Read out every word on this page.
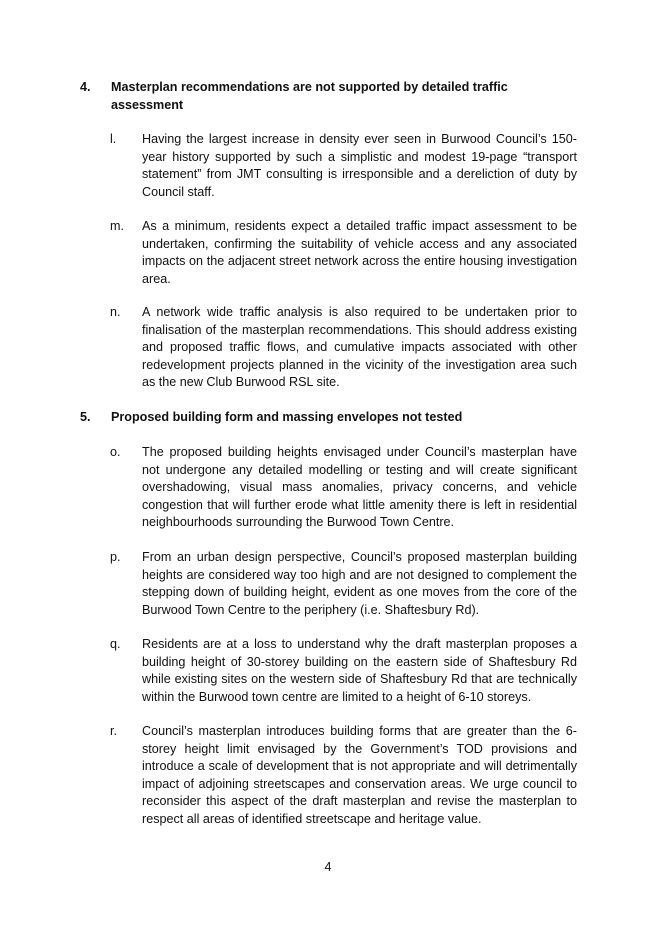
4. Masterplan recommendations are not supported by detailed traffic assessment
l. Having the largest increase in density ever seen in Burwood Council’s 150-year history supported by such a simplistic and modest 19-page “transport statement” from JMT consulting is irresponsible and a dereliction of duty by Council staff.
m. As a minimum, residents expect a detailed traffic impact assessment to be undertaken, confirming the suitability of vehicle access and any associated impacts on the adjacent street network across the entire housing investigation area.
n. A network wide traffic analysis is also required to be undertaken prior to finalisation of the masterplan recommendations. This should address existing and proposed traffic flows, and cumulative impacts associated with other redevelopment projects planned in the vicinity of the investigation area such as the new Club Burwood RSL site.
5. Proposed building form and massing envelopes not tested
o. The proposed building heights envisaged under Council’s masterplan have not undergone any detailed modelling or testing and will create significant overshadowing, visual mass anomalies, privacy concerns, and vehicle congestion that will further erode what little amenity there is left in residential neighbourhoods surrounding the Burwood Town Centre.
p. From an urban design perspective, Council’s proposed masterplan building heights are considered way too high and are not designed to complement the stepping down of building height, evident as one moves from the core of the Burwood Town Centre to the periphery (i.e. Shaftesbury Rd).
q. Residents are at a loss to understand why the draft masterplan proposes a building height of 30-storey building on the eastern side of Shaftesbury Rd while existing sites on the western side of Shaftesbury Rd that are technically within the Burwood town centre are limited to a height of 6-10 storeys.
r. Council’s masterplan introduces building forms that are greater than the 6-storey height limit envisaged by the Government’s TOD provisions and introduce a scale of development that is not appropriate and will detrimentally impact of adjoining streetscapes and conservation areas. We urge council to reconsider this aspect of the draft masterplan and revise the masterplan to respect all areas of identified streetscape and heritage value.
4
